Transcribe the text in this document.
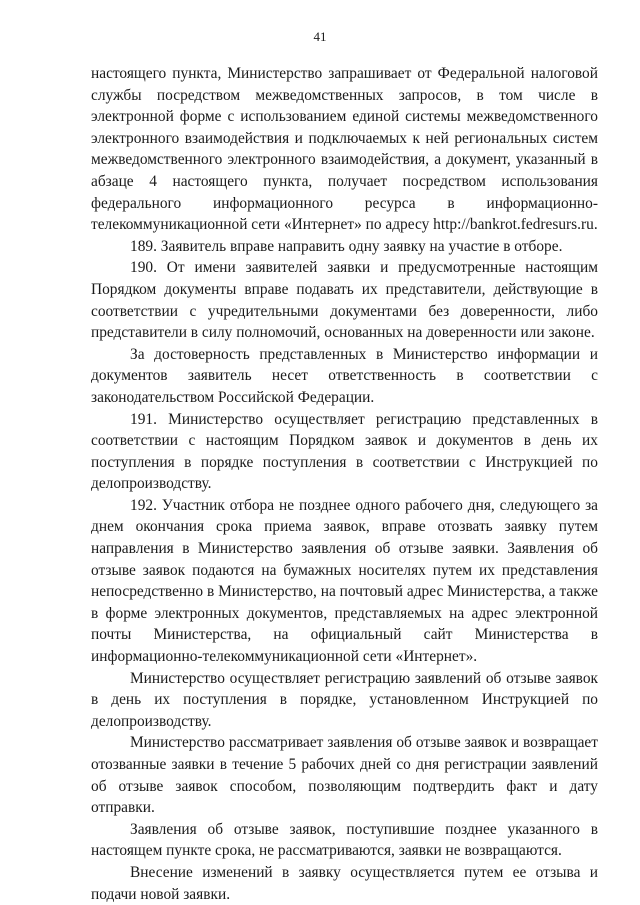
41

настоящего пункта, Министерство запрашивает от Федеральной налоговой службы посредством межведомственных запросов, в том числе в электронной форме с использованием единой системы межведомственного электронного взаимодействия и подключаемых к ней региональных систем межведомственного электронного взаимодействия, а документ, указанный в абзаце 4 настоящего пункта, получает посредством использования федерального информационного ресурса в информационно-телекоммуникационной сети «Интернет» по адресу http://bankrot.fedresurs.ru.

189. Заявитель вправе направить одну заявку на участие в отборе.

190. От имени заявителей заявки и предусмотренные настоящим Порядком документы вправе подавать их представители, действующие в соответствии с учредительными документами без доверенности, либо представители в силу полномочий, основанных на доверенности или законе.

За достоверность представленных в Министерство информации и документов заявитель несет ответственность в соответствии с законодательством Российской Федерации.

191. Министерство осуществляет регистрацию представленных в соответствии с настоящим Порядком заявок и документов в день их поступления в порядке поступления в соответствии с Инструкцией по делопроизводству.

192. Участник отбора не позднее одного рабочего дня, следующего за днем окончания срока приема заявок, вправе отозвать заявку путем направления в Министерство заявления об отзыве заявки. Заявления об отзыве заявок подаются на бумажных носителях путем их представления непосредственно в Министерство, на почтовый адрес Министерства, а также в форме электронных документов, представляемых на адрес электронной почты Министерства, на официальный сайт Министерства в информационно-телекоммуникационной сети «Интернет».

Министерство осуществляет регистрацию заявлений об отзыве заявок в день их поступления в порядке, установленном Инструкцией по делопроизводству.

Министерство рассматривает заявления об отзыве заявок и возвращает отозванные заявки в течение 5 рабочих дней со дня регистрации заявлений об отзыве заявок способом, позволяющим подтвердить факт и дату отправки.

Заявления об отзыве заявок, поступившие позднее указанного в настоящем пункте срока, не рассматриваются, заявки не возвращаются.

Внесение изменений в заявку осуществляется путем ее отзыва и подачи новой заявки.
